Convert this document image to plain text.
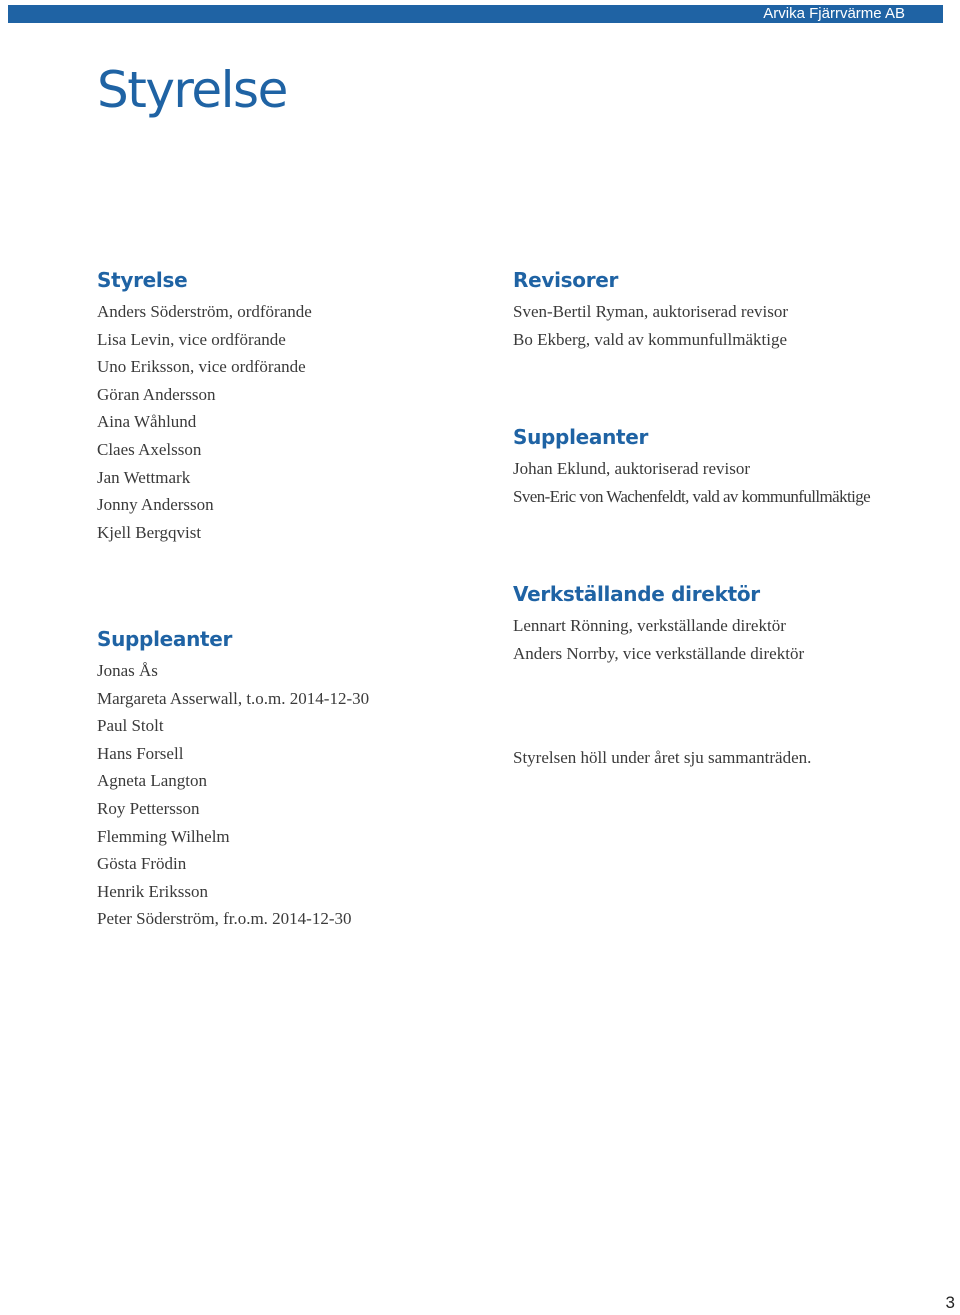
Arvika Fjärrvärme AB
Styrelse
Styrelse
Anders Söderström, ordförande
Lisa Levin, vice ordförande
Uno Eriksson, vice ordförande
Göran Andersson
Aina Wåhlund
Claes Axelsson
Jan Wettmark
Jonny Andersson
Kjell Bergqvist
Suppleanter
Jonas Ås
Margareta Asserwall, t.o.m. 2014-12-30
Paul Stolt
Hans Forsell
Agneta Langton
Roy Pettersson
Flemming Wilhelm
Gösta Frödin
Henrik Eriksson
Peter Söderström, fr.o.m. 2014-12-30
Revisorer
Sven-Bertil Ryman, auktoriserad revisor
Bo Ekberg, vald av kommunfullmäktige
Suppleanter
Johan Eklund, auktoriserad revisor
Sven-Eric von Wachenfeldt, vald av kommunfullmäktige
Verkställande direktör
Lennart Rönning, verkställande direktör
Anders Norrby, vice verkställande direktör

Styrelsen höll under året sju sammanträden.

3
